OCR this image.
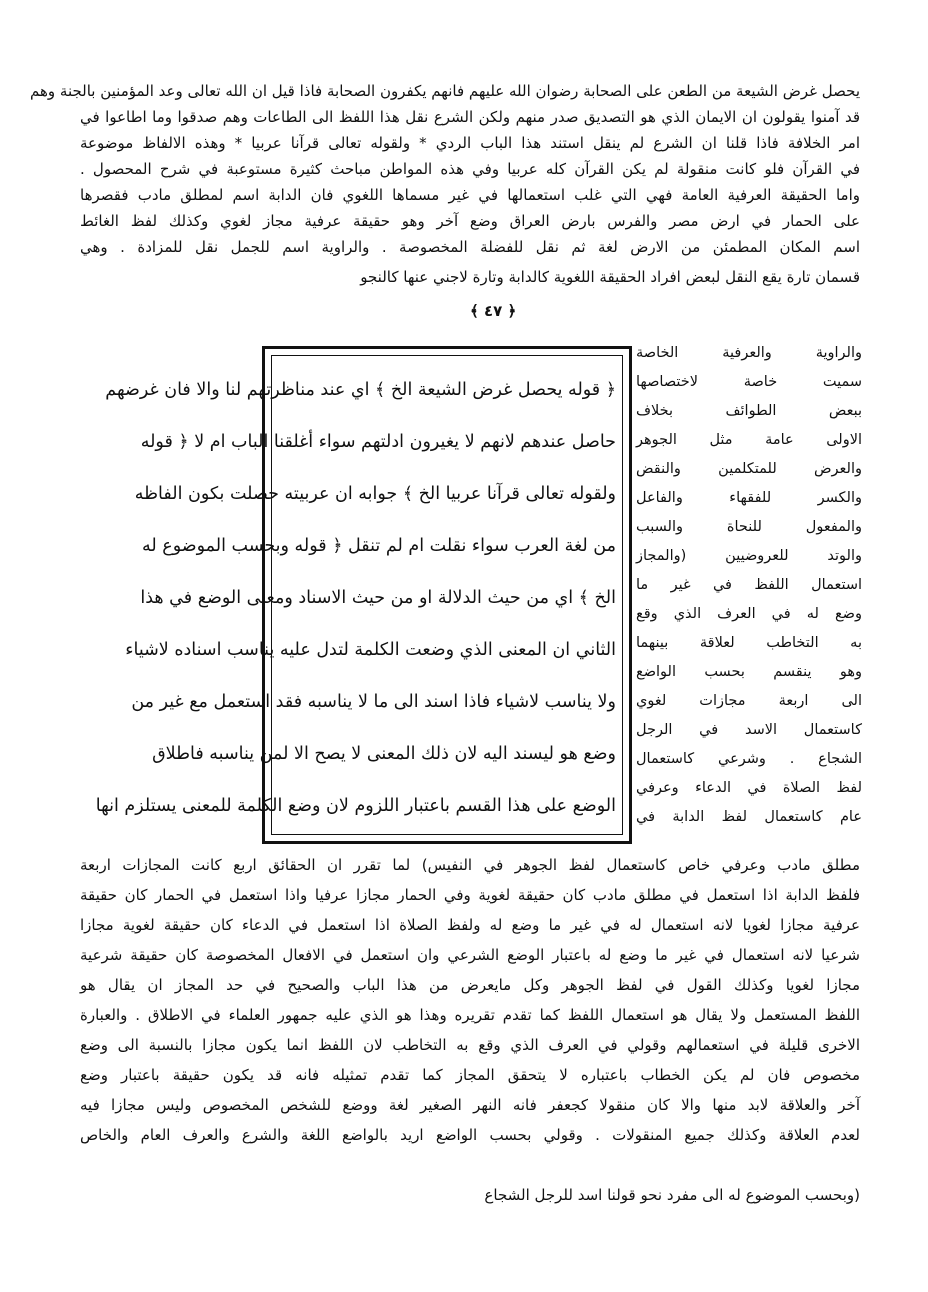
يحصل غرض الشيعة من الطعن على الصحابة رضوان الله عليهم فانهم يكفرون الصحابة فاذا قيل ان الله تعالى وعد المؤمنين بالجنة وهم
قد آمنوا يقولون ان الايمان الذي هو التصديق صدر منهم ولكن الشرع نقل هذا اللفظ الى الطاعات وهم صدقوا وما اطاعوا في
امر الخلافة فاذا قلنا ان الشرع لم ينقل استند هذا الباب الردي * ولقوله تعالى قرآنا عربيا * وهذه الالفاظ موضوعة
في القرآن فلو كانت منقولة لم يكن القرآن كله عربيا وفي هذه المواطن مباحث كثيرة مستوعبة في شرح المحصول .
واما الحقيقة العرفية العامة فهي التي غلب استعمالها في غير مسماها اللغوي فان الدابة اسم لمطلق مادب فقصرها
على الحمار في ارض مصر والفرس بارض العراق وضع آخر وهو حقيقة عرفية مجاز لغوي وكذلك لفظ الغائط
اسم المكان المطمئن من الارض لغة ثم نقل للفضلة المخصوصة . والراوية اسم للجمل نقل للمزادة . وهي
قسمان تارة يقع النقل لبعض افراد الحقيقة اللغوية كالدابة وتارة لاجني عنها كالنجو
﴿ ٤٧ ﴾
﴿ قوله يحصل غرض الشيعة الخ ﴾ اي عند مناظرتهم لنا والا فان غرضهم
حاصل عندهم لانهم لا يغيرون ادلتهم سواء أغلقنا الباب ام لا ﴿ قوله
ولقوله تعالى قرآنا عربيا الخ ﴾ جوابه ان عربيته حصلت بكون الفاظه
من لغة العرب سواء نقلت ام لم تنقل ﴿ قوله وبحسب الموضوع له
الخ ﴾ اي من حيث الدلالة او من حيث الاسناد ومعنى الوضع في هذا
الثاني ان المعنى الذي وضعت الكلمة لتدل عليه يناسب اسناده لاشياء
ولا يناسب لاشياء فاذا اسند الى ما لا يناسبه فقد استعمل مع غير من
وضع هو ليسند اليه لان ذلك المعنى لا يصح الا لمن يناسبه فاطلاق
الوضع على هذا القسم باعتبار اللزوم لان وضع الكلمة للمعنى يستلزم انها
والراوية والعرفية الخاصة
سميت خاصة لاختصاصها
ببعض الطوائف بخلاف
الاولى عامة مثل الجوهر
والعرض للمتكلمين والنقض
والكسر للفقهاء والفاعل
والمفعول للنحاة والسبب
والوتد للعروضيين (والمجاز
استعمال اللفظ في غير ما
وضع له في العرف الذي وقع
به التخاطب لعلاقة بينهما
وهو ينقسم بحسب الواضع
الى اربعة مجازات لغوي
كاستعمال الاسد في الرجل
الشجاع . وشرعي كاستعمال
لفظ الصلاة في الدعاء وعرفي
عام كاستعمال لفظ الدابة في
مطلق مادب وعرفي خاص كاستعمال لفظ الجوهر في النفيس) لما تقرر ان الحقائق اربع كانت المجازات اربعة
فلفظ الدابة اذا استعمل في مطلق مادب كان حقيقة لغوية وفي الحمار مجازا عرفيا واذا استعمل في الحمار كان حقيقة
عرفية مجازا لغويا لانه استعمال له في غير ما وضع له ولفظ الصلاة اذا استعمل في الدعاء كان حقيقة لغوية مجازا
شرعيا لانه استعمال في غير ما وضع له باعتبار الوضع الشرعي وان استعمل في الافعال المخصوصة كان حقيقة شرعية
مجازا لغويا وكذلك القول في لفظ الجوهر وكل مايعرض من هذا الباب والصحيح في حد المجاز ان يقال هو
اللفظ المستعمل ولا يقال هو استعمال اللفظ كما تقدم تقريره وهذا هو الذي عليه جمهور العلماء في الاطلاق . والعبارة
الاخرى قليلة في استعمالهم وقولي في العرف الذي وقع به التخاطب لان اللفظ انما يكون مجازا بالنسبة الى وضع
مخصوص فان لم يكن الخطاب باعتباره لا يتحقق المجاز كما تقدم تمثيله فانه قد يكون حقيقة باعتبار وضع
آخر والعلاقة لابد منها والا كان منقولا كجعفر فانه النهر الصغير لغة ووضع للشخص المخصوص وليس مجازا فيه
لعدم العلاقة وكذلك جميع المنقولات . وقولي بحسب الواضع اريد بالواضع اللغة والشرع والعرف العام والخاص
(وبحسب الموضوع له الى مفرد نحو قولنا اسد للرجل الشجاع
